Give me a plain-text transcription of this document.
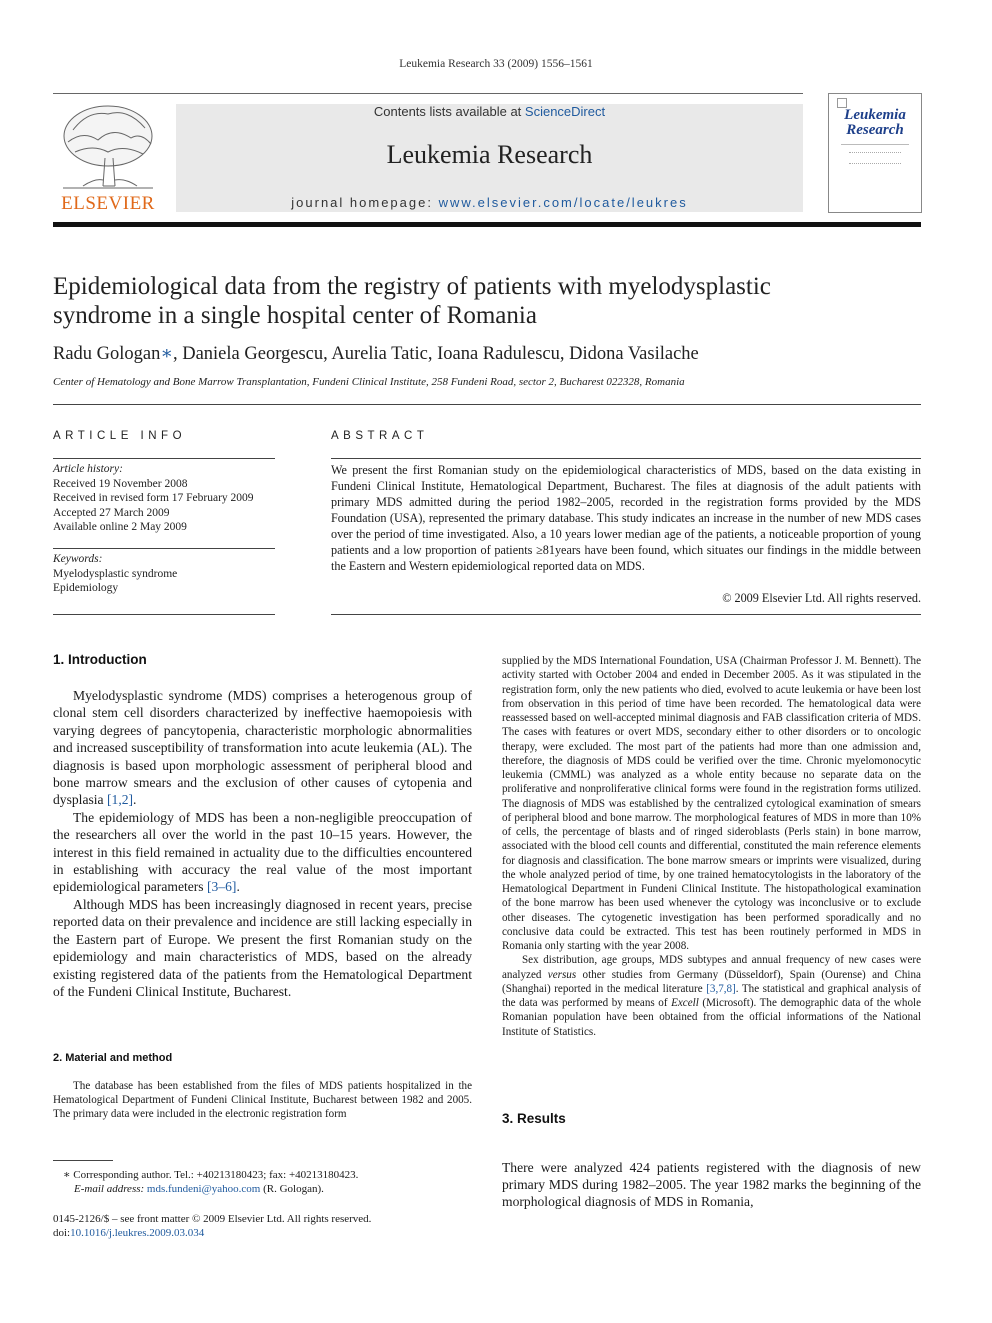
Leukemia Research 33 (2009) 1556–1561
ELSEVIER
Contents lists available at ScienceDirect
Leukemia Research
journal homepage: www.elsevier.com/locate/leukres
Leukemia
Research
Epidemiological data from the registry of patients with myelodysplastic
syndrome in a single hospital center of Romania
Radu Gologan∗, Daniela Georgescu, Aurelia Tatic, Ioana Radulescu, Didona Vasilache
Center of Hematology and Bone Marrow Transplantation, Fundeni Clinical Institute, 258 Fundeni Road, sector 2, Bucharest 022328, Romania
ARTICLE INFO
Article history:
Received 19 November 2008
Received in revised form 17 February 2009
Accepted 27 March 2009
Available online 2 May 2009
Keywords:
Myelodysplastic syndrome
Epidemiology
ABSTRACT
We present the first Romanian study on the epidemiological characteristics of MDS, based on the data existing in Fundeni Clinical Institute, Hematological Department, Bucharest. The files at diagnosis of the adult patients with primary MDS admitted during the period 1982–2005, recorded in the registration forms provided by the MDS Foundation (USA), represented the primary database. This study indicates an increase in the number of new MDS cases over the period of time investigated. Also, a 10 years lower median age of the patients, a noticeable proportion of young patients and a low proportion of patients ≥81years have been found, which situates our findings in the middle between the Eastern and Western epidemiological reported data on MDS.
© 2009 Elsevier Ltd. All rights reserved.
1. Introduction

Myelodysplastic syndrome (MDS) comprises a heterogenous group of clonal stem cell disorders characterized by ineffective haemopoiesis with varying degrees of pancytopenia, characteristic morphologic abnormalities and increased susceptibility of transformation into acute leukemia (AL). The diagnosis is based upon morphologic assessment of peripheral blood and bone marrow smears and the exclusion of other causes of cytopenia and dysplasia [1,2].

The epidemiology of MDS has been a non-negligible preoccupation of the researchers all over the world in the past 10–15 years. However, the interest in this field remained in actuality due to the difficulties encountered in establishing with accuracy the real value of the most important epidemiological parameters [3–6].

Although MDS has been increasingly diagnosed in recent years, precise reported data on their prevalence and incidence are still lacking especially in the Eastern part of Europe. We present the first Romanian study on the epidemiology and main characteristics of MDS, based on the already existing registered data of the patients from the Hematological Department of the Fundeni Clinical Institute, Bucharest.

2. Material and method

The database has been established from the files of MDS patients hospitalized in the Hematological Department of Fundeni Clinical Institute, Bucharest between 1982 and 2005. The primary data were included in the electronic registration form

∗ Corresponding author. Tel.: +40213180423; fax: +40213180423.
E-mail address: mds.fundeni@yahoo.com (R. Gologan).
0145-2126/$ – see front matter © 2009 Elsevier Ltd. All rights reserved.
doi:10.1016/j.leukres.2009.03.034

supplied by the MDS International Foundation, USA (Chairman Professor J. M. Bennett). The activity started with October 2004 and ended in December 2005. As it was stipulated in the registration form, only the new patients who died, evolved to acute leukemia or have been lost from observation in this period of time have been recorded. The hematological data were reassessed based on well-accepted minimal diagnosis and FAB classification criteria of MDS. The cases with features or overt MDS, secondary either to other disorders or to oncologic therapy, were excluded. The most part of the patients had more than one admission and, therefore, the diagnosis of MDS could be verified over the time. Chronic myelomonocytic leukemia (CMML) was analyzed as a whole entity because no separate data on the proliferative and nonproliferative clinical forms were found in the registration forms utilized. The diagnosis of MDS was established by the centralized cytological examination of smears of peripheral blood and bone marrow. The morphological features of MDS in more than 10% of cells, the percentage of blasts and of ringed sideroblasts (Perls stain) in bone marrow, associated with the blood cell counts and differential, constituted the main reference elements for diagnosis and classification. The bone marrow smears or imprints were visualized, during the whole analyzed period of time, by one trained hematocytologists in the laboratory of the Hematological Department in Fundeni Clinical Institute. The histopathological examination of the bone marrow has been used whenever the cytology was inconclusive or to exclude other diseases. The cytogenetic investigation has been performed sporadically and no conclusive data could be extracted. This test has been routinely performed in MDS in Romania only starting with the year 2008.

Sex distribution, age groups, MDS subtypes and annual frequency of new cases were analyzed versus other studies from Germany (Düsseldorf), Spain (Ourense) and China (Shanghai) reported in the medical literature [3,7,8]. The statistical and graphical analysis of the data was performed by means of Excell (Microsoft). The demographic data of the whole Romanian population have been obtained from the official informations of the National Institute of Statistics.

3. Results

There were analyzed 424 patients registered with the diagnosis of new primary MDS during 1982–2005. The year 1982 marks the beginning of the morphological diagnosis of MDS in Romania,
